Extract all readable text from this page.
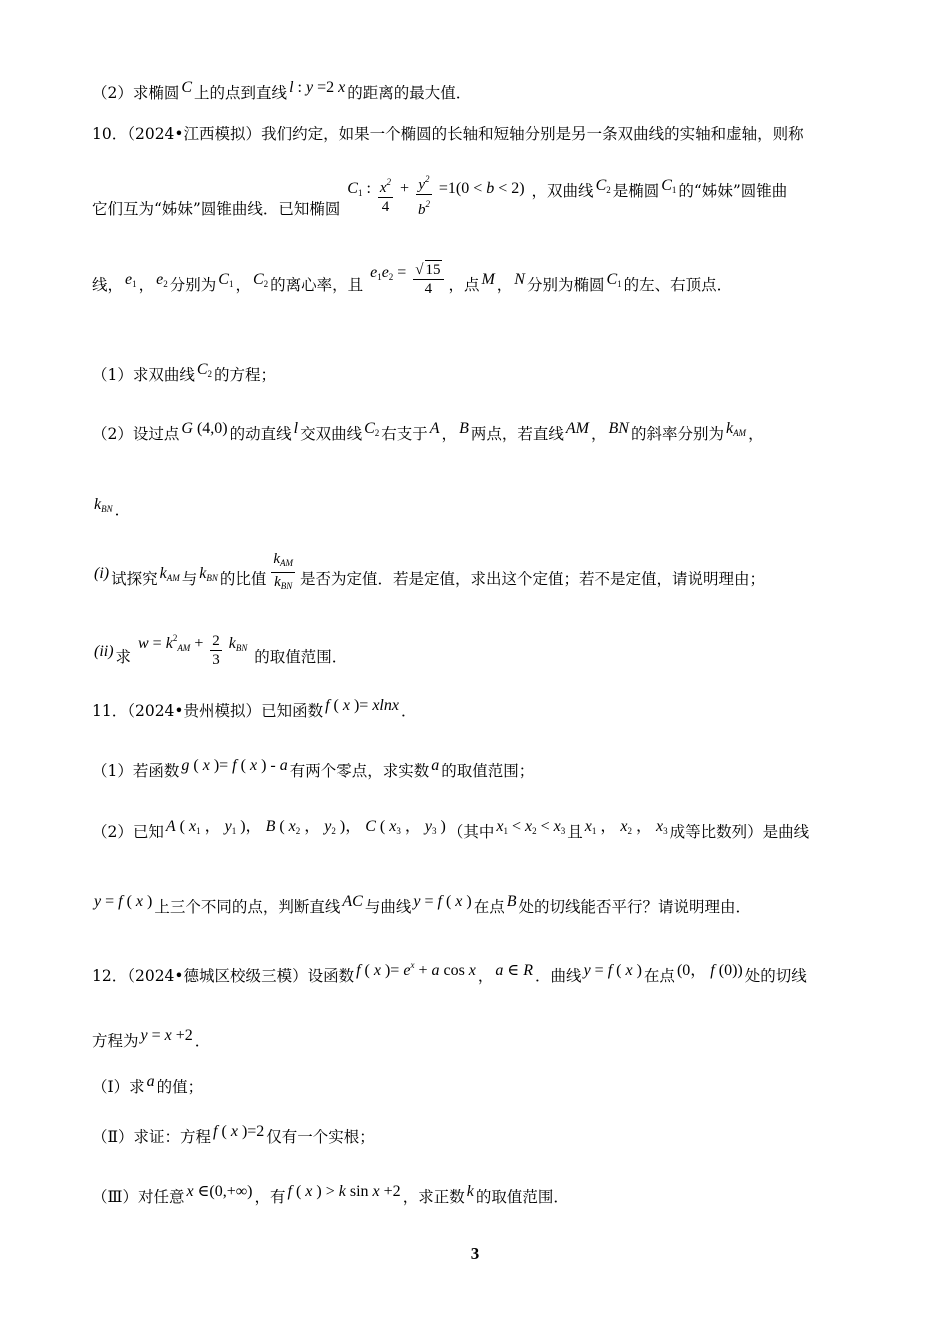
（2）求椭圆 C 上的点到直线 l :y =2 x 的距离的最大值．
10．（2024•江西模拟）我们约定，如果一个椭圆的长轴和短轴分别是另一条双曲线的实轴和虚轴，则称
它们互为“姊妹”圆锥曲线．已知椭圆 $C_1$ : $\frac{x^2}{4} + \frac{y^2}{b^2} =1(0 <b < 2)$ ，双曲线 $C_2$ 是椭圆 $C_1$ 的“姊妹”圆锥曲
线， $e_1$ ， $e_2$ 分别为 $C_1$ ， $C_2$ 的离心率，且 $e_1e_2 = \frac{√ 15}{4}$ ，点 M ， N 分别为椭圆 $C_1$ 的左、右顶点．
（1）求双曲线 $C_2$ 的方程；
（2）设过点 G (4,0) 的动直线 l 交双曲线 $C_2$ 右支于 A ， B 两点，若直线 AM ， BN 的斜率分别为 kAM ，
kBN ．
(i) 试探究 kAM 与 kBN 的比值 $\frac{k_{AM}}{k_{BN}}$ 是否为定值．若是定值，求出这个定值；若不是定值，请说明理由；
(ii) 求 $w = k^2AM + \frac{2}{3}$ kBN 的取值范围．
11．（2024•贵州模拟）已知函数 f ( x )= xlnx ．
（1）若函数 g ( x )= f ( x ) -a 有两个零点，求实数 a 的取值范围；
（2）已知 A ( $x_1$ ， $y_1$ )， B ( $x_2$ ， $y_2$ )， C ( $x_3$ ， $y_3$ ) （其中 $x_1 < x_2 < x_3$ 且 $x_1$ ， $x_2$ ， $x_3$ 成等比数列）是曲线
y = f ( x ) 上三个不同的点，判断直线 AC 与曲线 y = f ( x ) 在点 B 处的切线能否平行？请说明理由．
12．（2024•德城区校级三模）设函数 f ( x )= $e^x + a$ cos x ， a ∈ R ．曲线 y = f ( x ) 在点 (0， f (0)) 处的切线
方程为 y = x +2 ．
（Ⅰ）求 a 的值；
（Ⅱ）求证：方程 f ( x )=2 仅有一个实根；
（Ⅲ）对任意 x ∈(0,+∞) ，有 f ( x ) >k sin x +2 ，求正数 k 的取值范围．
3
